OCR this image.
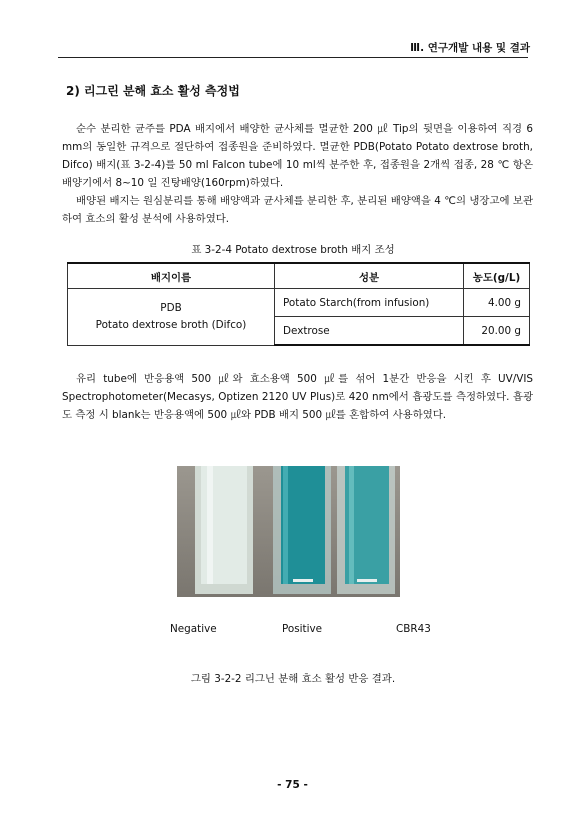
Ⅲ. 연구개발 내용 및 결과
2) 리그린 분해 효소 활성 측정법

순수 분리한 균주를 PDA 배지에서 배양한 균사체를 멸균한 200 ㎕ Tip의 뒷면을 이용하여 직경 6 mm의 동일한 규격으로 절단하여 접종원을 준비하였다. 멸균한 PDB(Potato Potato dextrose broth, Difco) 배지(표 3-2-4)를 50 ml Falcon tube에 10 ml씩 분주한 후, 접종원을 2개씩 접종, 28 ℃ 항온배양기에서 8~10 일 진탕배양(160rpm)하였다.

배양된 배지는 원심분리를 통해 배양액과 균사체를 분리한 후, 분리된 배양액을 4 ℃의 냉장고에 보관하여 효소의 활성 분석에 사용하였다.

표 3-2-4 Potato dextrose broth 배지 조성
배지이름	성분	농도(g/L)

PDB
Potato dextrose broth (Difco)	Potato Starch(from infusion)	4.00 g
	Dextrose	20.00 g

유리 tube에 반응용액 500 ㎕와 효소용액 500 ㎕를 섞어 1분간 반응을 시킨 후 UV/VIS Spectrophotometer(Mecasys, Optizen 2120 UV Plus)로 420 nm에서 흡광도를 측정하였다. 흡광도 측정 시 blank는 반응용액에 500 ㎕와 PDB 배지 500 ㎕를 혼합하여 사용하였다.

Negative	Positive	CBR43
그림 3-2-2 리그닌 분해 효소 활성 반응 결과.
- 75 -
